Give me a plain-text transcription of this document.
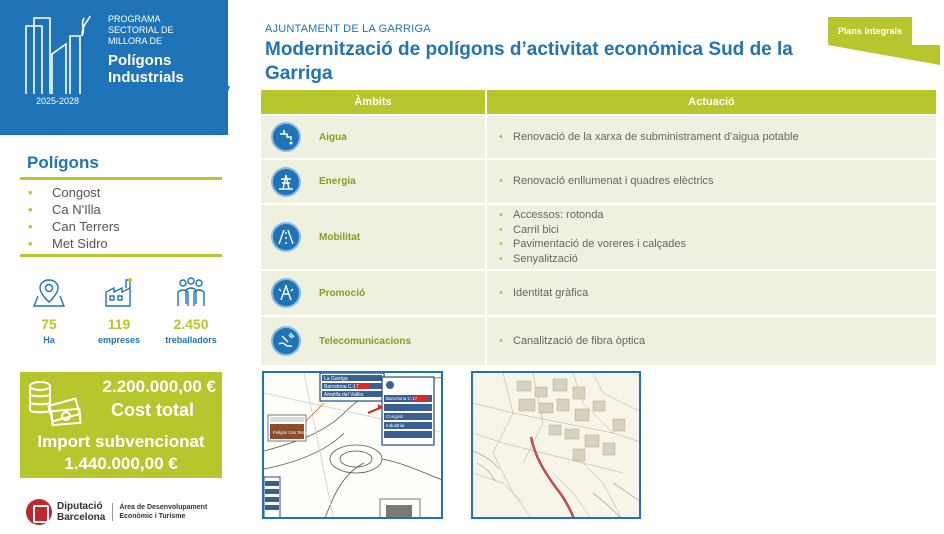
PROGRAMA
SECTORIAL DE
MILLORA DE
Polígons
Industrials
2025-2028
Polígons
• Congost
• Ca N'Illa
• Can Terrers
• Met Sidro
75
Ha
119
empreses
2.450
treballadors
2.200.000,00 €
Cost total
Import subvencionat
1.440.000,00 €
Diputació
Barcelona
Àrea de Desenvolupament
Econòmic i Turisme
AJUNTAMENT DE LA GARRIGA
Modernització de polígons d’activitat económica Sud de la Garriga
Plans integrals
Àmbits	Actuació
Aigua	• Renovació de la xarxa de subministrament d’aigua potable
Energia	• Renovació enllumenat i quadres elèctrics
Mobilitat
• Accessos: rotonda
• Carril bici
• Pavimentació de voreres i calçades
• Senyalització
Promoció	• Identitat gràfica
Telecomunicacions	• Canalització de fibra òptica
La Garriga
Barcelona C-17
Ametlla del Vallès
Barcelona C-17
Congost
Industrial
Polígon Can Terrers
